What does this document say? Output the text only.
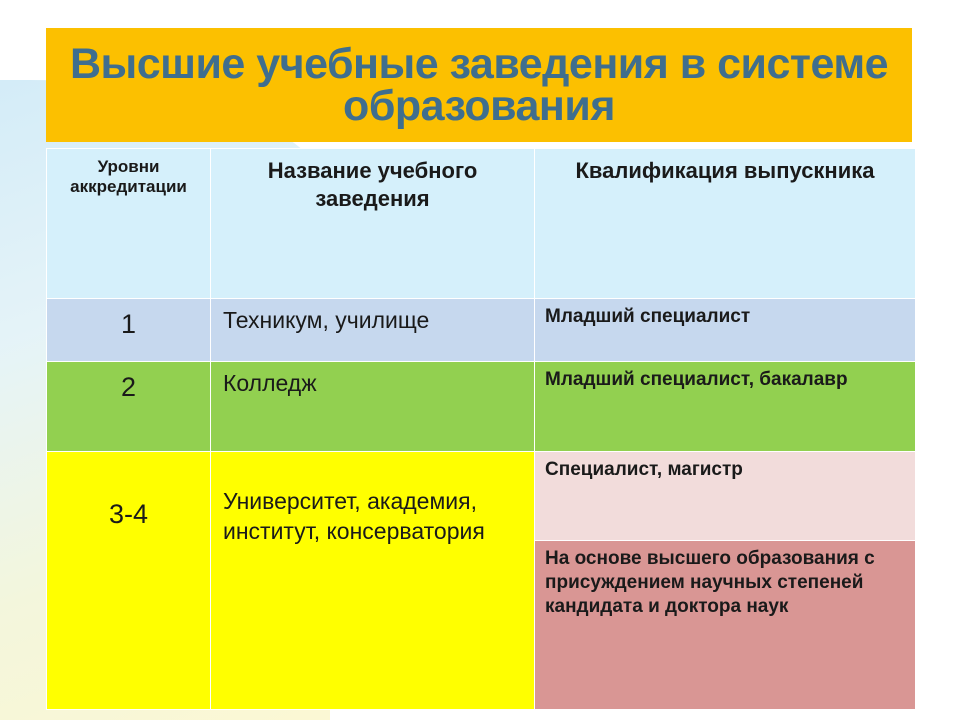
Высшие учебные заведения в системе образования
Уровни аккредитации	Название учебного заведения	Квалификация выпускника

1	Техникум, училище	Младший специалист

2	Колледж	Младший специалист, бакалавр

3-4	Университет, академия, институт, консерватория	Специалист, магистр

		На основе высшего образования с присуждением научных степеней кандидата и доктора наук
